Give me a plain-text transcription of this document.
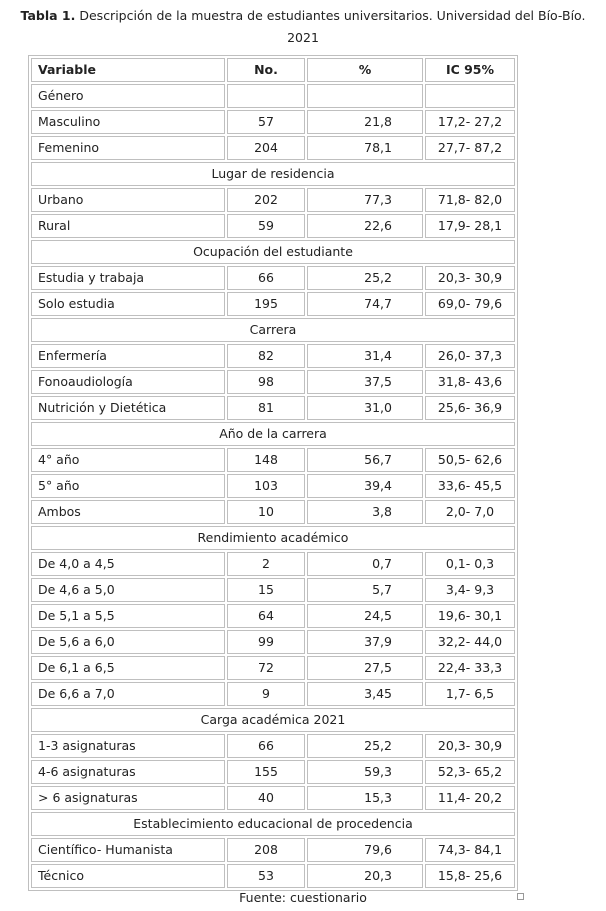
Tabla 1. Descripción de la muestra de estudiantes universitarios. Universidad del Bío-Bío.
2021
Variable	No.	%	IC 95%
Género			
Masculino	57	21,8	17,2- 27,2
Femenino	204	78,1	27,7- 87,2
Lugar de residencia			
Urbano	202	77,3	71,8- 82,0
Rural	59	22,6	17,9- 28,1
Ocupación del estudiante			
Estudia y trabaja	66	25,2	20,3- 30,9
Solo estudia	195	74,7	69,0- 79,6
Carrera			
Enfermería	82	31,4	26,0- 37,3
Fonoaudiología	98	37,5	31,8- 43,6
Nutrición y Dietética	81	31,0	25,6- 36,9
Año de la carrera			
4° año	148	56,7	50,5- 62,6
5° año	103	39,4	33,6- 45,5
Ambos	10	3,8	2,0- 7,0
Rendimiento académico			
De 4,0 a 4,5	2	0,7	0,1- 0,3
De 4,6 a 5,0	15	5,7	3,4- 9,3
De 5,1 a 5,5	64	24,5	19,6- 30,1
De 5,6 a 6,0	99	37,9	32,2- 44,0
De 6,1 a 6,5	72	27,5	22,4- 33,3
De 6,6 a 7,0	9	3,45	1,7- 6,5
Carga académica 2021			
1-3 asignaturas	66	25,2	20,3- 30,9
4-6 asignaturas	155	59,3	52,3- 65,2
> 6 asignaturas	40	15,3	11,4- 20,2
Establecimiento educacional de procedencia			
Científico- Humanista	208	79,6	74,3- 84,1
Técnico	53	20,3	15,8- 25,6
Fuente: cuestionario
